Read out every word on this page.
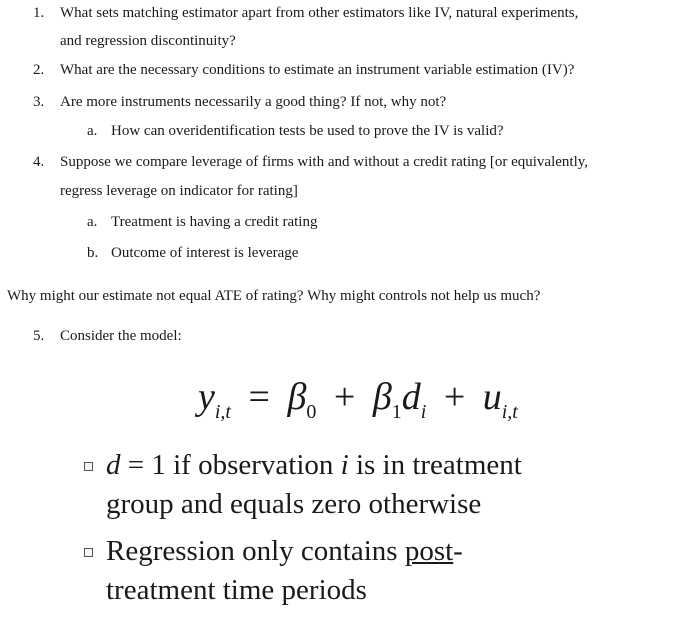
1. What sets matching estimator apart from other estimators like IV, natural experiments,
and regression discontinuity?
2. What are the necessary conditions to estimate an instrument variable estimation (IV)?
3. Are more instruments necessarily a good thing? If not, why not?
a. How can overidentification tests be used to prove the IV is valid?
4. Suppose we compare leverage of firms with and without a credit rating [or equivalently,
regress leverage on indicator for rating]
a. Treatment is having a credit rating
b. Outcome of interest is leverage
Why might our estimate not equal ATE of rating? Why might controls not help us much?
5. Consider the model:
$y_{i,t} = \beta_0 + \beta_1d_i + u_{i,t}$
d = 1 if observation i is in treatment
group and equals zero otherwise
Regression only contains post-
treatment time periods
